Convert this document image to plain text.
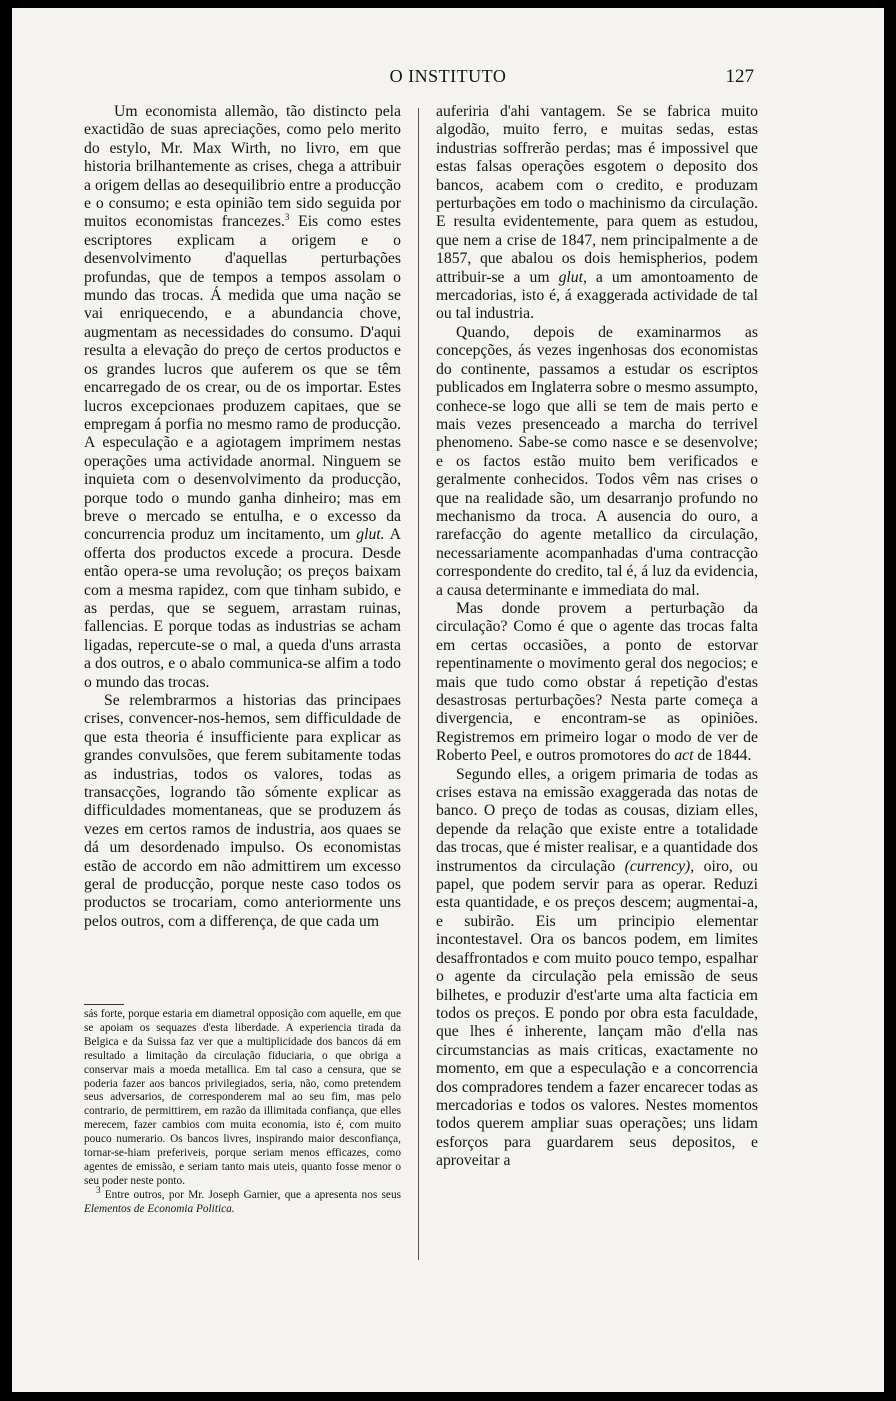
O INSTITUTO	127

Um economista allemão, tão distincto pela exactidão de suas apreciações, como pelo merito do estylo, Mr. Max Wirth, no livro, em que historia brilhantemente as crises, chega a attribuir a origem dellas ao desequilibrio entre a producção e o consumo; e esta opinião tem sido seguida por muitos economistas francezes.$^3$ Eis como estes escriptores explicam a origem e o desenvolvimento d'aquellas perturbações profundas, que de tempos a tempos assolam o mundo das trocas. Á medida que uma nação se vai enriquecendo, e a abundancia chove, augmentam as necessidades do consumo. D'aqui resulta a elevação do preço de certos productos e os grandes lucros que auferem os que se têm encarregado de os crear, ou de os importar. Estes lucros excepcionaes produzem capitaes, que se empregam á porfia no mesmo ramo de producção. A especulação e a agiotagem imprimem nestas operações uma actividade anormal. Ninguem se inquieta com o desenvolvimento da producção, porque todo o mundo ganha dinheiro; mas em breve o mercado se entulha, e o excesso da concurrencia produz um incitamento, um glut. A offerta dos productos excede a procura. Desde então opera-se uma revolução; os preços baixam com a mesma rapidez, com que tinham subido, e as perdas, que se seguem, arrastam ruinas, fallencias. E porque todas as industrias se acham ligadas, repercute-se o mal, a queda d'uns arrasta a dos outros, e o abalo communica-se alfim a todo o mundo das trocas.

Se relembrarmos a historias das principaes crises, convencer-nos-hemos, sem difficuldade de que esta theoria é insufficiente para explicar as grandes convulsões, que ferem subitamente todas as industrias, todos os valores, todas as transacções, logrando tão sómente explicar as difficuldades momentaneas, que se produzem ás vezes em certos ramos de industria, aos quaes se dá um desordenado impulso. Os economistas estão de accordo em não admittirem um excesso geral de producção, porque neste caso todos os productos se trocariam, como anteriormente uns pelos outros, com a differença, de que cada um

sás forte, porque estaria em diametral opposição com aquelle, em que se apoiam os sequazes d'esta liberdade. A experiencia tirada da Belgica e da Suissa faz ver que a multiplicidade dos bancos dá em resultado a limitação da circulação fiduciaria, o que obriga a conservar mais a moeda metallica. Em tal caso a censura, que se poderia fazer aos bancos privilegiados, seria, não, como pretendem seus adversarios, de corresponderem mal ao seu fim, mas pelo contrario, de permittirem, em razão da illimitada confiança, que elles merecem, fazer cambios com muita economia, isto é, com muito pouco numerario. Os bancos livres, inspirando maior desconfiança, tornar-se-hiam preferiveis, porque seriam menos efficazes, como agentes de emissão, e seriam tanto mais uteis, quanto fosse menor o seu poder neste ponto.

$^3$ Entre outros, por Mr. Joseph Garnier, que a apresenta nos seus Elementos de Economia Politica.

auferiria d'ahi vantagem. Se se fabrica muito algodão, muito ferro, e muitas sedas, estas industrias soffrerão perdas; mas é impossivel que estas falsas operações esgotem o deposito dos bancos, acabem com o credito, e produzam perturbações em todo o machinismo da circulação. E resulta evidentemente, para quem as estudou, que nem a crise de 1847, nem principalmente a de 1857, que abalou os dois hemispherios, podem attribuir-se a um glut, a um amontoamento de mercadorias, isto é, á exaggerada actividade de tal ou tal industria.

Quando, depois de examinarmos as concepções, ás vezes ingenhosas dos economistas do continente, passamos a estudar os escriptos publicados em Inglaterra sobre o mesmo assumpto, conhece-se logo que alli se tem de mais perto e mais vezes presenceado a marcha do terrivel phenomeno. Sabe-se como nasce e se desenvolve; e os factos estão muito bem verificados e geralmente conhecidos. Todos vêm nas crises o que na realidade são, um desarranjo profundo no mechanismo da troca. A ausencia do ouro, a rarefacção do agente metallico da circulação, necessariamente acompanhadas d'uma contracção correspondente do credito, tal é, á luz da evidencia, a causa determinante e immediata do mal.

Mas donde provem a perturbação da circulação? Como é que o agente das trocas falta em certas occasiões, a ponto de estorvar repentinamente o movimento geral dos negocios; e mais que tudo como obstar á repetição d'estas desastrosas perturbações? Nesta parte começa a divergencia, e encontram-se as opiniões. Registremos em primeiro logar o modo de ver de Roberto Peel, e outros promotores do act de 1844.

Segundo elles, a origem primaria de todas as crises estava na emissão exaggerada das notas de banco. O preço de todas as cousas, diziam elles, depende da relação que existe entre a totalidade das trocas, que é mister realisar, e a quantidade dos instrumentos da circulação (currency), oiro, ou papel, que podem servir para as operar. Reduzi esta quantidade, e os preços descem; augmentai-a, e subirão. Eis um principio elementar incontestavel. Ora os bancos podem, em limites desaffrontados e com muito pouco tempo, espalhar o agente da circulação pela emissão de seus bilhetes, e produzir d'est'arte uma alta facticia em todos os preços. E pondo por obra esta faculdade, que lhes é inherente, lançam mão d'ella nas circumstancias as mais criticas, exactamente no momento, em que a especulação e a concorrencia dos compradores tendem a fazer encarecer todas as mercadorias e todos os valores. Nestes momentos todos querem ampliar suas operações; uns lidam esforços para guardarem seus depositos, e aproveitar a
